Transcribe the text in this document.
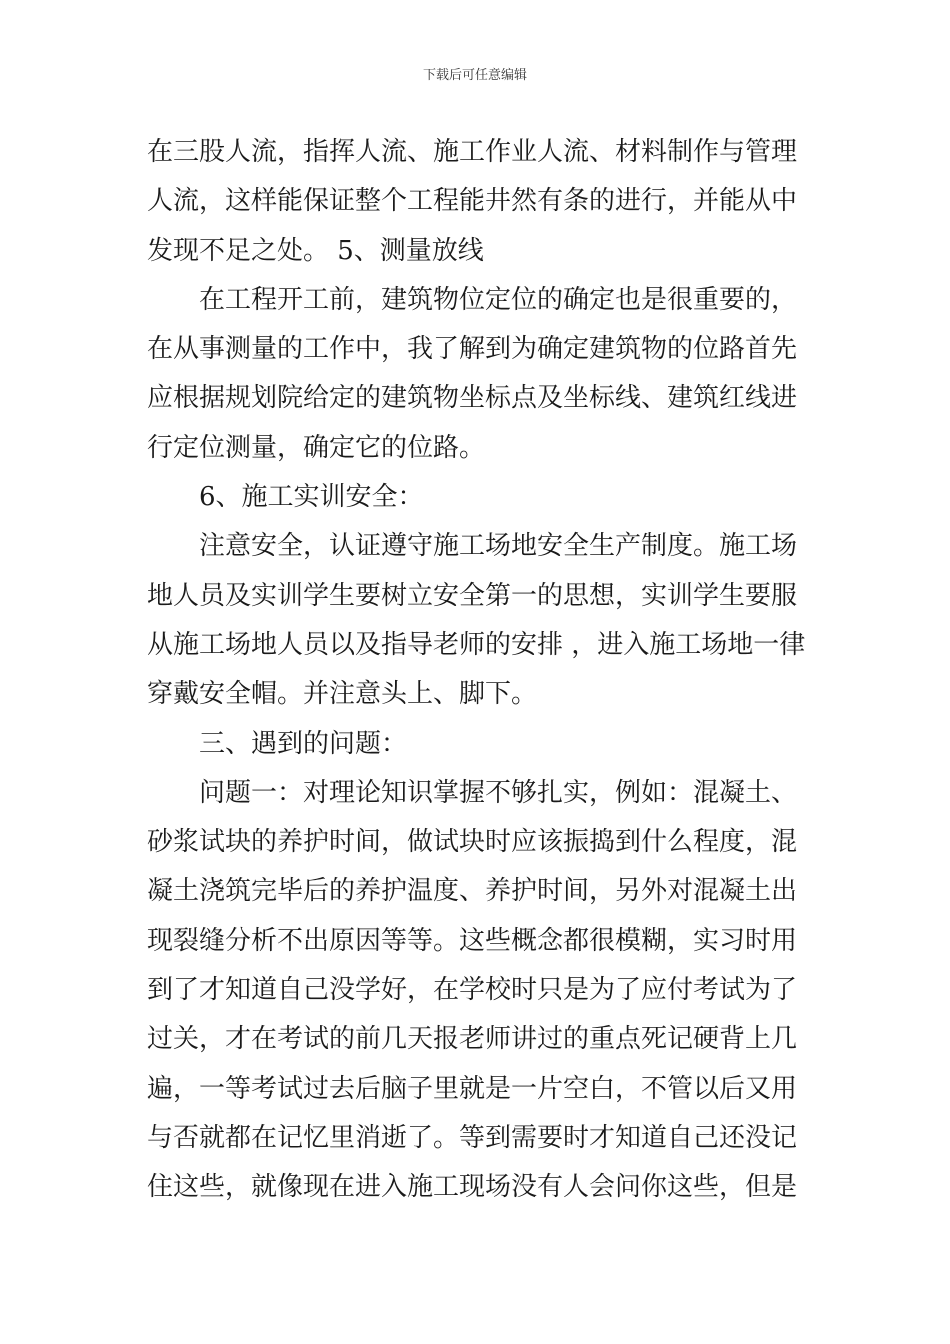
下载后可任意编辑
在三股人流，指挥人流、施工作业人流、材料制作与管理
人流，这样能保证整个工程能井然有条的进行，并能从中
发现不足之处。 5、测量放线
在工程开工前，建筑物位定位的确定也是很重要的，
在从事测量的工作中，我了解到为确定建筑物的位路首先
应根据规划院给定的建筑物坐标点及坐标线、建筑红线进
行定位测量，确定它的位路。
6、施工实训安全：
注意安全，认证遵守施工场地安全生产制度。施工场
地人员及实训学生要树立安全第一的思想，实训学生要服
从施工场地人员以及指导老师的安排 ，进入施工场地一律
穿戴安全帽。并注意头上、脚下。
三、遇到的问题：
问题一：对理论知识掌握不够扎实，例如：混凝土、
砂浆试块的养护时间，做试块时应该振捣到什么程度，混
凝土浇筑完毕后的养护温度、养护时间，另外对混凝土出
现裂缝分析不出原因等等。这些概念都很模糊，实习时用
到了才知道自己没学好，在学校时只是为了应付考试为了
过关，才在考试的前几天报老师讲过的重点死记硬背上几
遍，一等考试过去后脑子里就是一片空白，不管以后又用
与否就都在记忆里消逝了。等到需要时才知道自己还没记
住这些，就像现在进入施工现场没有人会问你这些，但是
